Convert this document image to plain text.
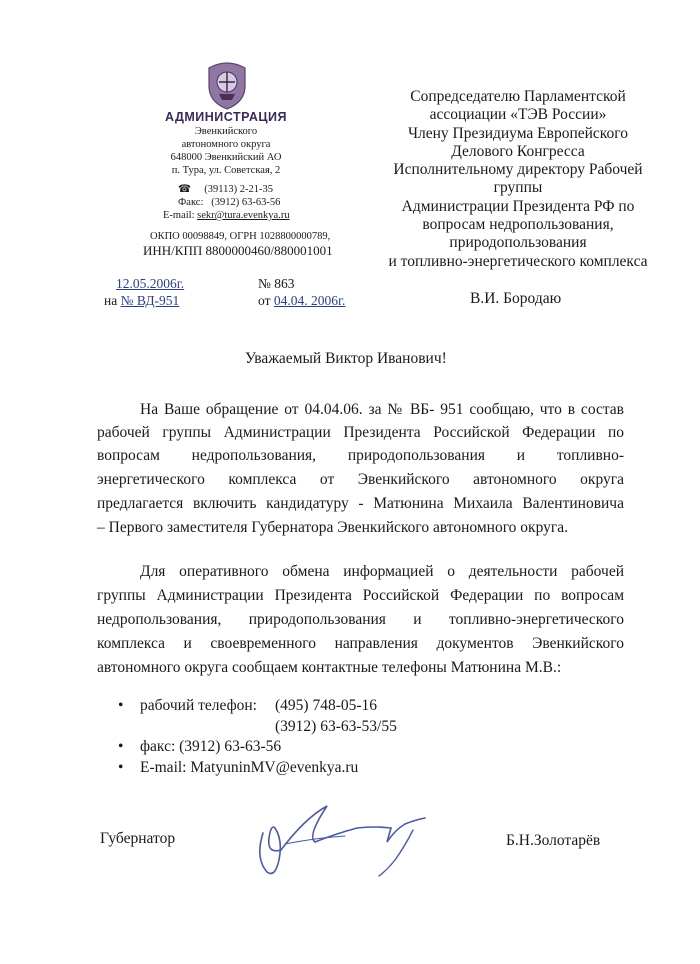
АДМИНИСТРАЦИЯ
Эвенкийского
автономного округа
648000 Эвенкийский АО
п. Тура, ул. Советская, 2
☎ (39113) 2-21-35
Факс: (3912) 63-63-56
E-mail: sekr@tura.evenkya.ru
ОКПО 00098849, ОГРН 1028800000789,
ИНН/КПП 8800000460/880001001
12.05.2006г.	№ 863
на № ВД-951	от 04.04. 2006г.
Сопредседателю Парламентской
ассоциации «ТЭВ России»
Члену Президиума Европейского
Делового Конгресса
Исполнительному директору Рабочей
группы
Администрации Президента РФ по
вопросам недропользования,
природопользования
и топливно-энергетического комплекса
В.И. Бородаю
Уважаемый Виктор Иванович!
На Ваше обращение от 04.04.06. за № ВБ- 951 сообщаю, что в состав
рабочей группы Администрации Президента Российской Федерации по
вопросам недропользования, природопользования и топливно-
энергетического комплекса от Эвенкийского автономного округа
предлагается включить кандидатуру - Матюнина Михаила Валентиновича
– Первого заместителя Губернатора Эвенкийского автономного округа.
Для оперативного обмена информацией о деятельности рабочей
группы Администрации Президента Российской Федерации по вопросам
недропользования, природопользования и топливно-энергетического
комплекса и своевременного направления документов Эвенкийского
автономного округа сообщаем контактные телефоны Матюнина М.В.:
• рабочий телефон: (495) 748-05-16
(3912) 63-63-53/55
• факс: (3912) 63-63-56
• E-mail: MatyuninMV@evenkya.ru
Губернатор	Б.Н.Золотарёв
